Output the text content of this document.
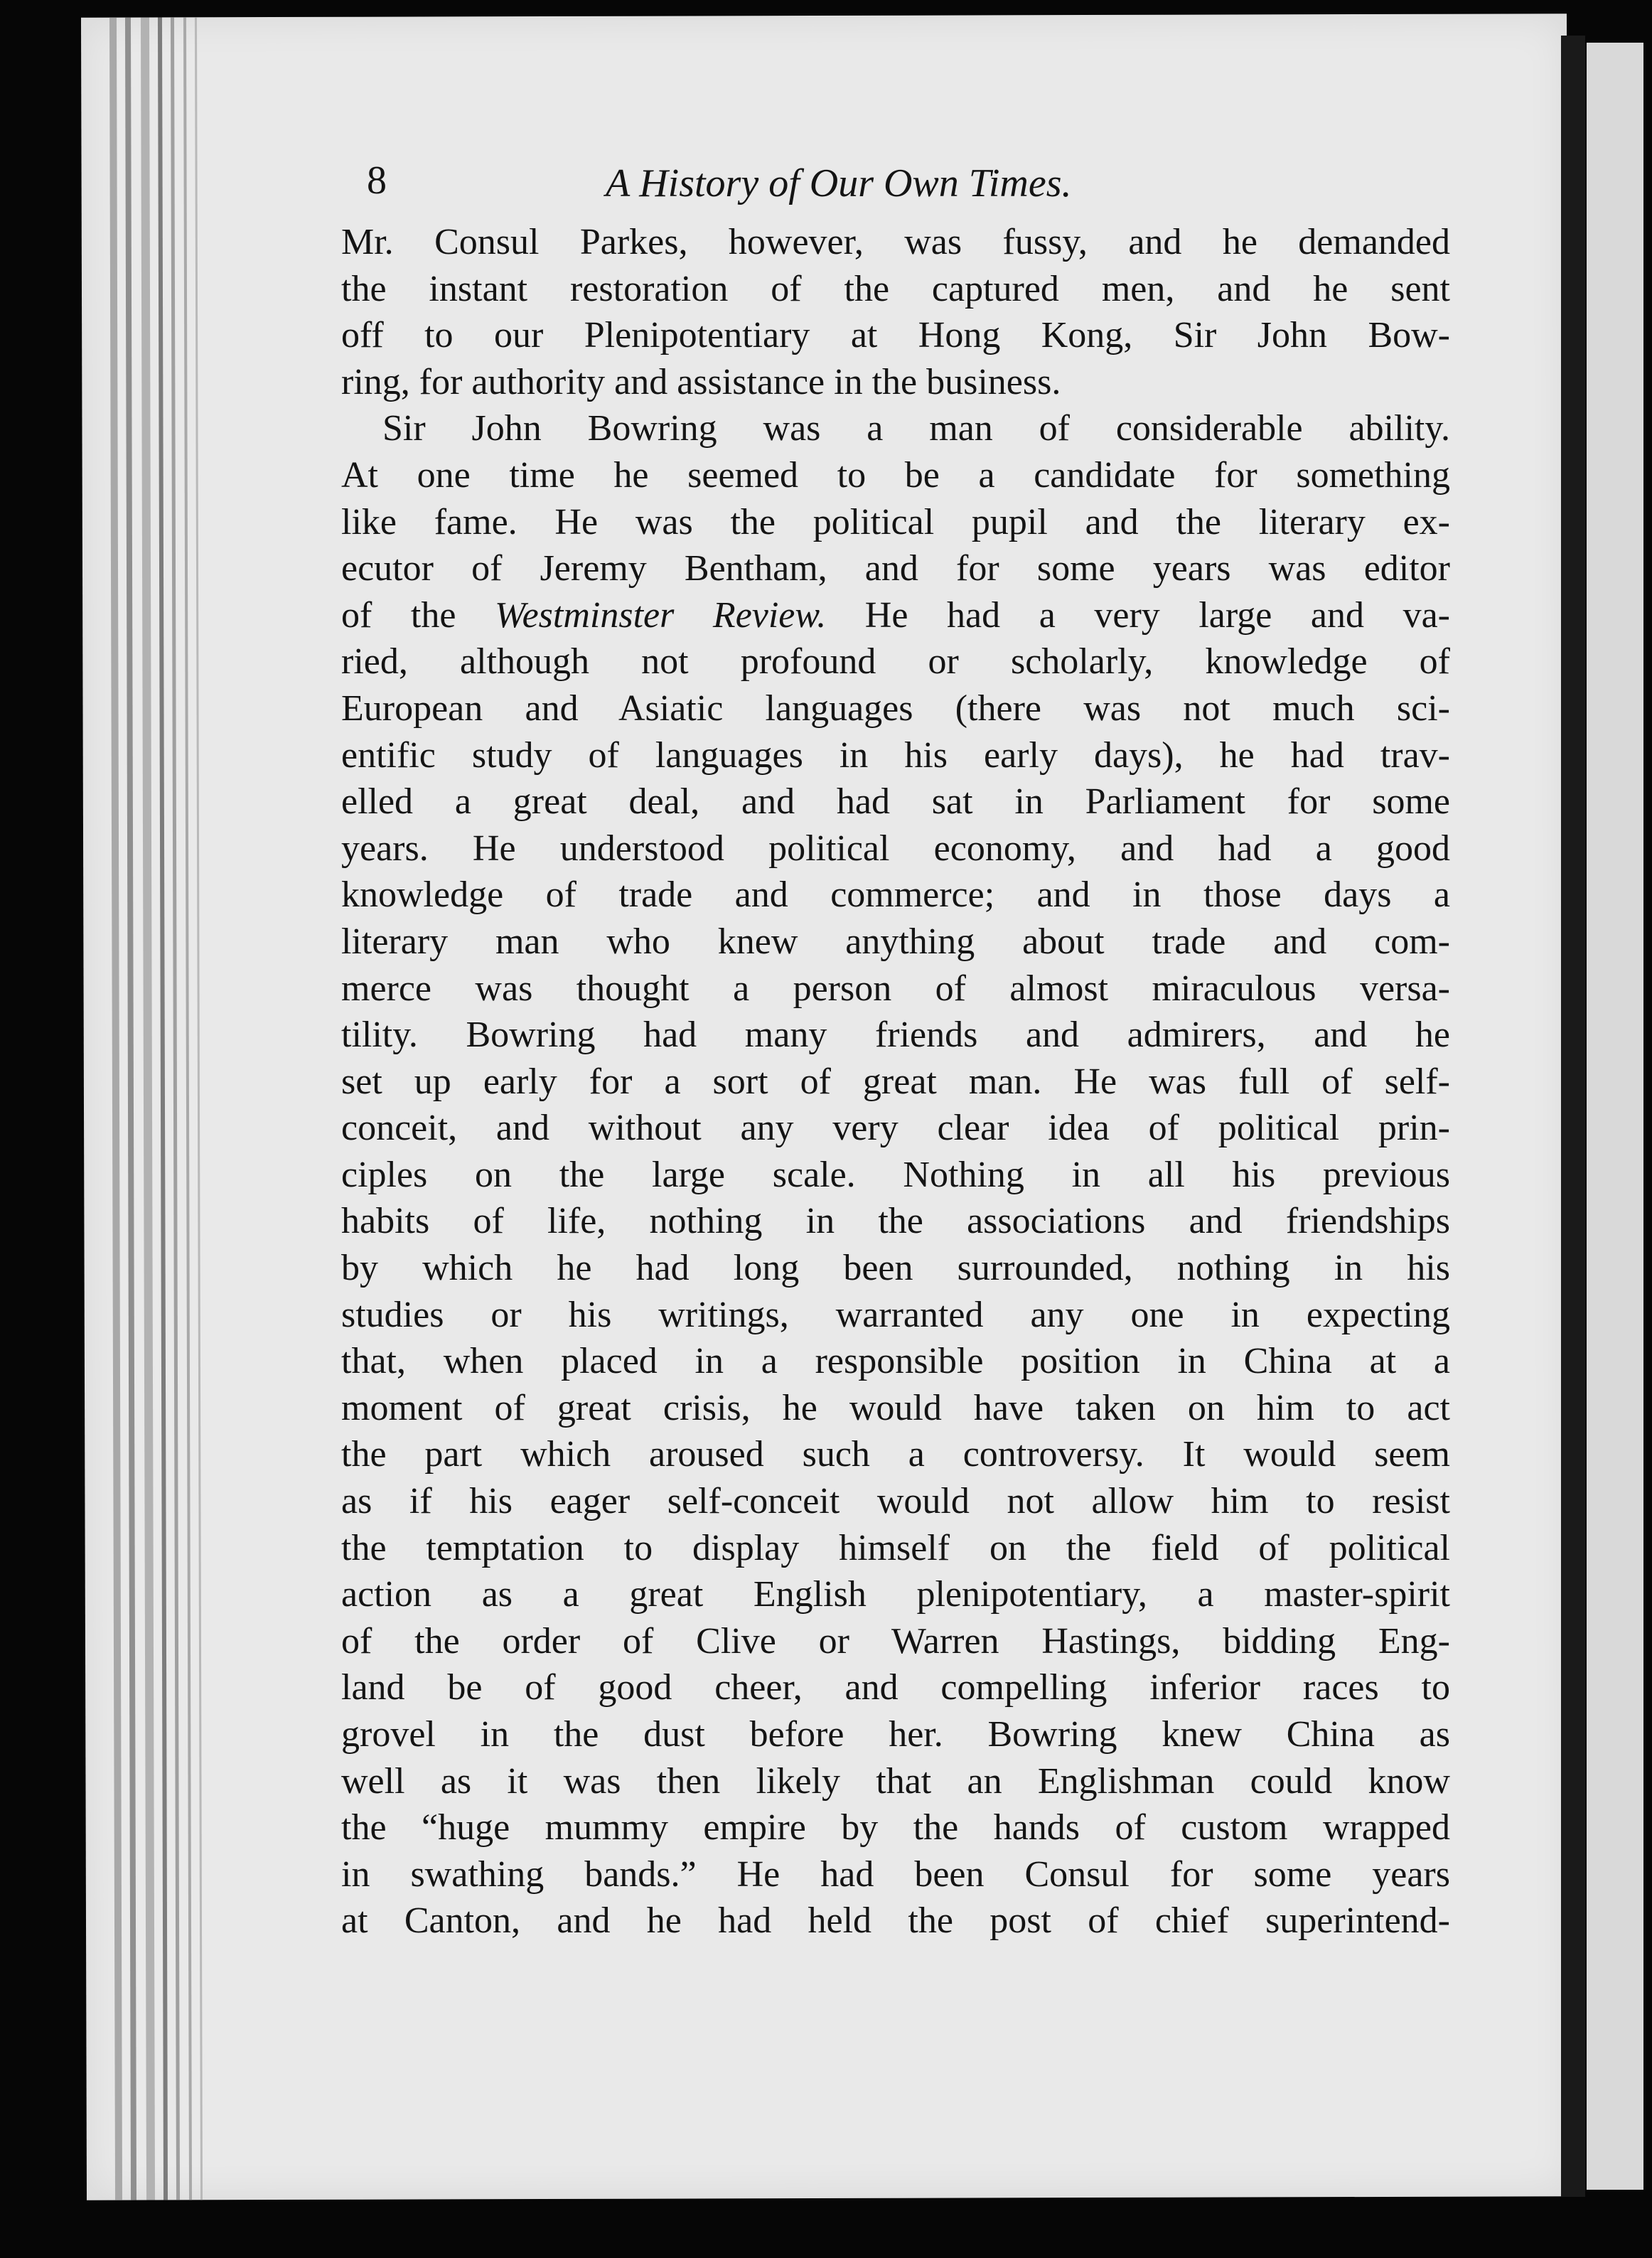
8	A History of Our Own Times.
Mr. Consul Parkes, however, was fussy, and he demanded
the instant restoration of the captured men, and he sent
off to our Plenipotentiary at Hong Kong, Sir John Bow-
ring, for authority and assistance in the business.
Sir John Bowring was a man of considerable ability.
At one time he seemed to be a candidate for something
like fame. He was the political pupil and the literary ex-
ecutor of Jeremy Bentham, and for some years was editor
of the Westminster Review. He had a very large and va-
ried, although not profound or scholarly, knowledge of
European and Asiatic languages (there was not much sci-
entific study of languages in his early days), he had trav-
elled a great deal, and had sat in Parliament for some
years. He understood political economy, and had a good
knowledge of trade and commerce; and in those days a
literary man who knew anything about trade and com-
merce was thought a person of almost miraculous versa-
tility. Bowring had many friends and admirers, and he
set up early for a sort of great man. He was full of self-
conceit, and without any very clear idea of political prin-
ciples on the large scale. Nothing in all his previous
habits of life, nothing in the associations and friendships
by which he had long been surrounded, nothing in his
studies or his writings, warranted any one in expecting
that, when placed in a responsible position in China at a
moment of great crisis, he would have taken on him to act
the part which aroused such a controversy. It would seem
as if his eager self-conceit would not allow him to resist
the temptation to display himself on the field of political
action as a great English plenipotentiary, a master-spirit
of the order of Clive or Warren Hastings, bidding Eng-
land be of good cheer, and compelling inferior races to
grovel in the dust before her. Bowring knew China as
well as it was then likely that an Englishman could know
the “huge mummy empire by the hands of custom wrapped
in swathing bands.” He had been Consul for some years
at Canton, and he had held the post of chief superintend-
